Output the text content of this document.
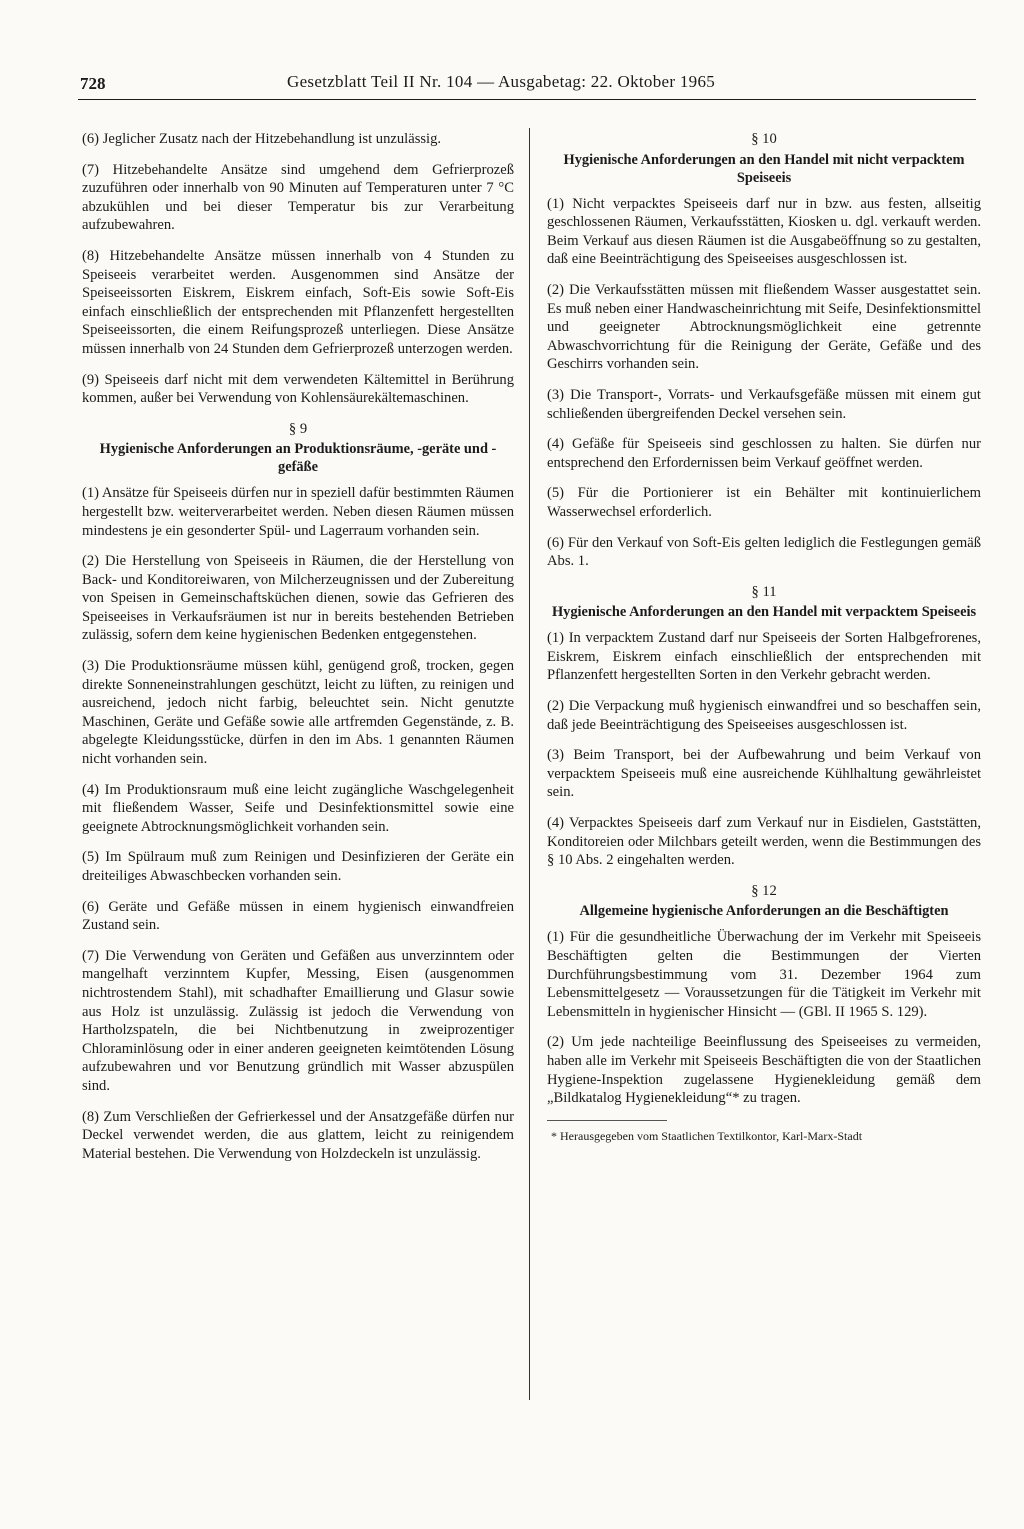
728	Gesetzblatt Teil II Nr. 104 — Ausgabetag: 22. Oktober 1965

(6) Jeglicher Zusatz nach der Hitzebehandlung ist unzulässig.

(7) Hitzebehandelte Ansätze sind umgehend dem Gefrierprozeß zuzuführen oder innerhalb von 90 Minuten auf Temperaturen unter 7 °C abzukühlen und bei dieser Temperatur bis zur Verarbeitung aufzubewahren.

(8) Hitzebehandelte Ansätze müssen innerhalb von 4 Stunden zu Speiseeis verarbeitet werden. Ausgenommen sind Ansätze der Speiseeissorten Eiskrem, Eiskrem einfach, Soft-Eis sowie Soft-Eis einfach einschließlich der entsprechenden mit Pflanzenfett hergestellten Speiseeissorten, die einem Reifungsprozeß unterliegen. Diese Ansätze müssen innerhalb von 24 Stunden dem Gefrierprozeß unterzogen werden.

(9) Speiseeis darf nicht mit dem verwendeten Kältemittel in Berührung kommen, außer bei Verwendung von Kohlensäurekältemaschinen.

§ 9
Hygienische Anforderungen an Produktionsräume, -geräte und -gefäße

(1) Ansätze für Speiseeis dürfen nur in speziell dafür bestimmten Räumen hergestellt bzw. weiterverarbeitet werden. Neben diesen Räumen müssen mindestens je ein gesonderter Spül- und Lagerraum vorhanden sein.

(2) Die Herstellung von Speiseeis in Räumen, die der Herstellung von Back- und Konditoreiwaren, von Milcherzeugnissen und der Zubereitung von Speisen in Gemeinschaftsküchen dienen, sowie das Gefrieren des Speiseeises in Verkaufsräumen ist nur in bereits bestehenden Betrieben zulässig, sofern dem keine hygienischen Bedenken entgegenstehen.

(3) Die Produktionsräume müssen kühl, genügend groß, trocken, gegen direkte Sonneneinstrahlungen geschützt, leicht zu lüften, zu reinigen und ausreichend, jedoch nicht farbig, beleuchtet sein. Nicht genutzte Maschinen, Geräte und Gefäße sowie alle artfremden Gegenstände, z. B. abgelegte Kleidungsstücke, dürfen in den im Abs. 1 genannten Räumen nicht vorhanden sein.

(4) Im Produktionsraum muß eine leicht zugängliche Waschgelegenheit mit fließendem Wasser, Seife und Desinfektionsmittel sowie eine geeignete Abtrocknungsmöglichkeit vorhanden sein.

(5) Im Spülraum muß zum Reinigen und Desinfizieren der Geräte ein dreiteiliges Abwaschbecken vorhanden sein.

(6) Geräte und Gefäße müssen in einem hygienisch einwandfreien Zustand sein.

(7) Die Verwendung von Geräten und Gefäßen aus unverzinntem oder mangelhaft verzinntem Kupfer, Messing, Eisen (ausgenommen nichtrostendem Stahl), mit schadhafter Emaillierung und Glasur sowie aus Holz ist unzulässig. Zulässig ist jedoch die Verwendung von Hartholzspateln, die bei Nichtbenutzung in zweiprozentiger Chloraminlösung oder in einer anderen geeigneten keimtötenden Lösung aufzubewahren und vor Benutzung gründlich mit Wasser abzuspülen sind.

(8) Zum Verschließen der Gefrierkessel und der Ansatzgefäße dürfen nur Deckel verwendet werden, die aus glattem, leicht zu reinigendem Material bestehen. Die Verwendung von Holzdeckeln ist unzulässig.

§ 10
Hygienische Anforderungen an den Handel mit nicht verpacktem Speiseeis

(1) Nicht verpacktes Speiseeis darf nur in bzw. aus festen, allseitig geschlossenen Räumen, Verkaufsstätten, Kiosken u. dgl. verkauft werden. Beim Verkauf aus diesen Räumen ist die Ausgabeöffnung so zu gestalten, daß eine Beeinträchtigung des Speiseeises ausgeschlossen ist.

(2) Die Verkaufsstätten müssen mit fließendem Wasser ausgestattet sein. Es muß neben einer Handwascheinrichtung mit Seife, Desinfektionsmittel und geeigneter Abtrocknungsmöglichkeit eine getrennte Abwaschvorrichtung für die Reinigung der Geräte, Gefäße und des Geschirrs vorhanden sein.

(3) Die Transport-, Vorrats- und Verkaufsgefäße müssen mit einem gut schließenden übergreifenden Deckel versehen sein.

(4) Gefäße für Speiseeis sind geschlossen zu halten. Sie dürfen nur entsprechend den Erfordernissen beim Verkauf geöffnet werden.

(5) Für die Portionierer ist ein Behälter mit kontinuierlichem Wasserwechsel erforderlich.

(6) Für den Verkauf von Soft-Eis gelten lediglich die Festlegungen gemäß Abs. 1.

§ 11
Hygienische Anforderungen an den Handel mit verpacktem Speiseeis

(1) In verpacktem Zustand darf nur Speiseeis der Sorten Halbgefrorenes, Eiskrem, Eiskrem einfach einschließlich der entsprechenden mit Pflanzenfett hergestellten Sorten in den Verkehr gebracht werden.

(2) Die Verpackung muß hygienisch einwandfrei und so beschaffen sein, daß jede Beeinträchtigung des Speiseeises ausgeschlossen ist.

(3) Beim Transport, bei der Aufbewahrung und beim Verkauf von verpacktem Speiseeis muß eine ausreichende Kühlhaltung gewährleistet sein.

(4) Verpacktes Speiseeis darf zum Verkauf nur in Eisdielen, Gaststätten, Konditoreien oder Milchbars geteilt werden, wenn die Bestimmungen des § 10 Abs. 2 eingehalten werden.

§ 12
Allgemeine hygienische Anforderungen an die Beschäftigten

(1) Für die gesundheitliche Überwachung der im Verkehr mit Speiseeis Beschäftigten gelten die Bestimmungen der Vierten Durchführungsbestimmung vom 31. Dezember 1964 zum Lebensmittelgesetz — Voraussetzungen für die Tätigkeit im Verkehr mit Lebensmitteln in hygienischer Hinsicht — (GBl. II 1965 S. 129).

(2) Um jede nachteilige Beeinflussung des Speiseeises zu vermeiden, haben alle im Verkehr mit Speiseeis Beschäftigten die von der Staatlichen Hygiene-Inspektion zugelassene Hygienekleidung gemäß dem „Bildkatalog Hygienekleidung“* zu tragen.

* Herausgegeben vom Staatlichen Textilkontor, Karl-Marx-Stadt
